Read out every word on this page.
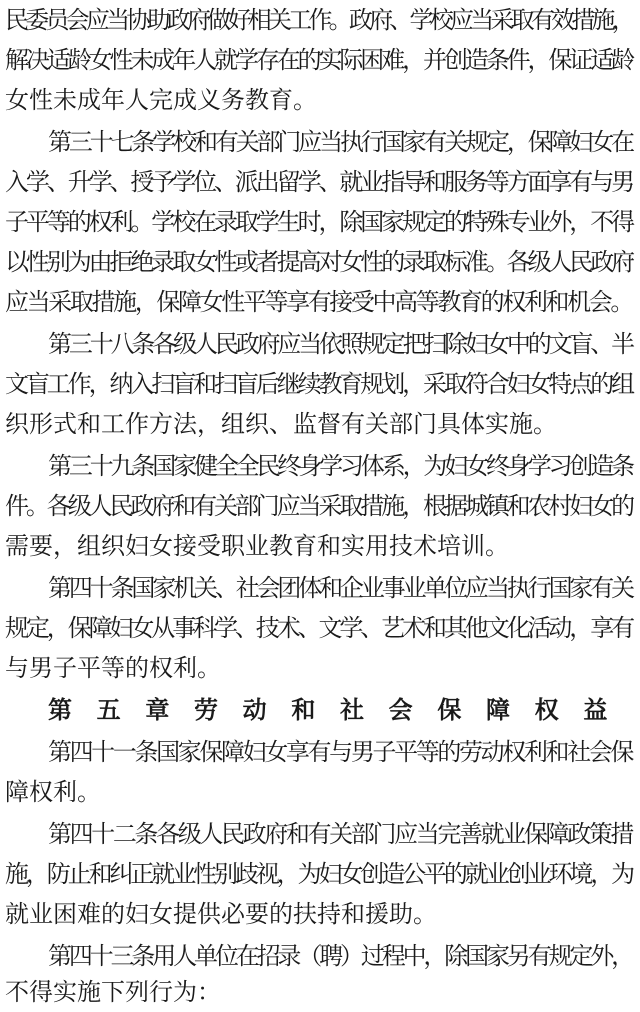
民委员会应当协助政府做好相关工作。政府、学校应当采取有效措施，
解决适龄女性未成年人就学存在的实际困难，并创造条件，保证适龄
女性未成年人完成义务教育。
第三十七条学校和有关部门应当执行国家有关规定，保障妇女在
入学、升学、授予学位、派出留学、就业指导和服务等方面享有与男
子平等的权利。学校在录取学生时，除国家规定的特殊专业外，不得
以性别为由拒绝录取女性或者提高对女性的录取标准。各级人民政府
应当采取措施，保障女性平等享有接受中高等教育的权利和机会。
第三十八条各级人民政府应当依照规定把扫除妇女中的文盲、半
文盲工作，纳入扫盲和扫盲后继续教育规划，采取符合妇女特点的组
织形式和工作方法，组织、监督有关部门具体实施。
第三十九条国家健全全民终身学习体系，为妇女终身学习创造条
件。各级人民政府和有关部门应当采取措施，根据城镇和农村妇女的
需要，组织妇女接受职业教育和实用技术培训。
第四十条国家机关、社会团体和企业事业单位应当执行国家有关
规定，保障妇女从事科学、技术、文学、艺术和其他文化活动，享有
与男子平等的权利。
第五章劳动和社会保障权益
第四十一条国家保障妇女享有与男子平等的劳动权利和社会保
障权利。
第四十二条各级人民政府和有关部门应当完善就业保障政策措
施，防止和纠正就业性别歧视，为妇女创造公平的就业创业环境，为
就业困难的妇女提供必要的扶持和援助。
第四十三条用人单位在招录（聘）过程中，除国家另有规定外，
不得实施下列行为：
